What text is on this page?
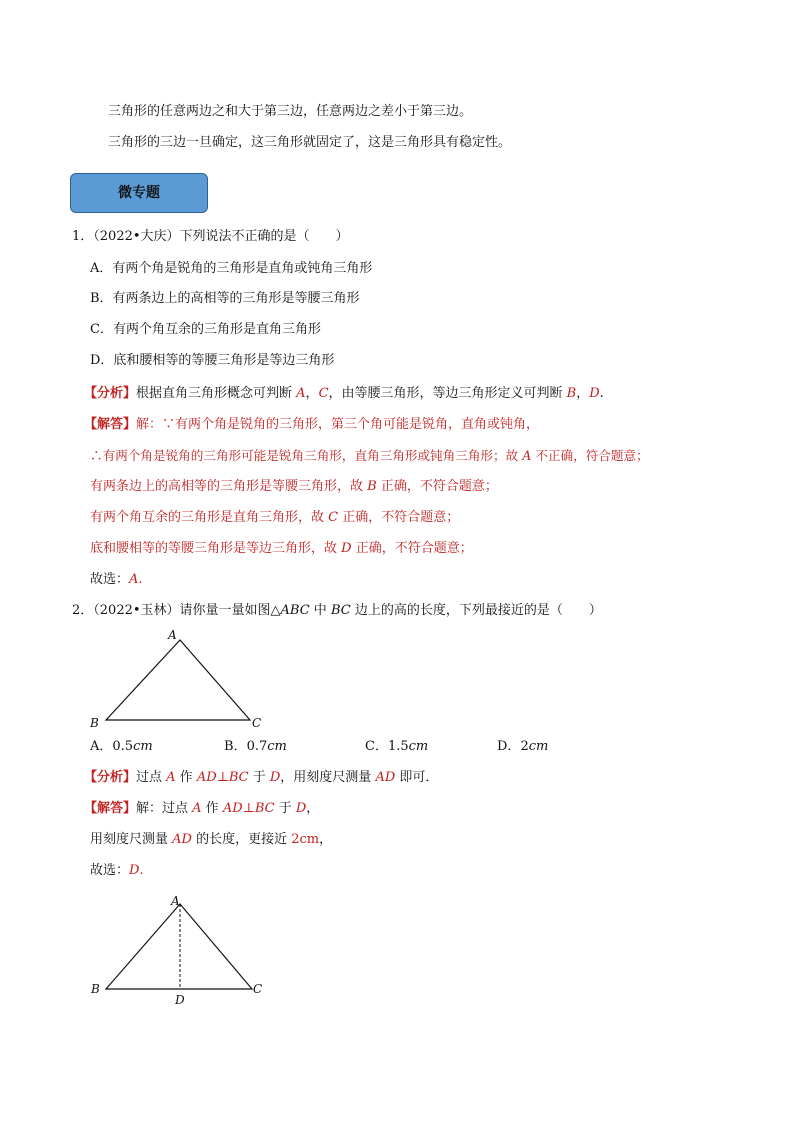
三角形的任意两边之和大于第三边，任意两边之差小于第三边。
三角形的三边一旦确定，这三角形就固定了，这是三角形具有稳定性。
微专题
1．（2022•大庆）下列说法不正确的是（　　）
A．有两个角是锐角的三角形是直角或钝角三角形
B．有两条边上的高相等的三角形是等腰三角形
C．有两个角互余的三角形是直角三角形
D．底和腰相等的等腰三角形是等边三角形
【分析】根据直角三角形概念可判断 A，C，由等腰三角形，等边三角形定义可判断 B，D.
【解答】解：∵有两个角是锐角的三角形，第三个角可能是锐角，直角或钝角，
∴有两个角是锐角的三角形可能是锐角三角形，直角三角形或钝角三角形；故 A 不正确，符合题意；
有两条边上的高相等的三角形是等腰三角形，故 B 正确，不符合题意；
有两个角互余的三角形是直角三角形，故 C 正确，不符合题意；
底和腰相等的等腰三角形是等边三角形，故 D 正确，不符合题意；
故选：A.
2．（2022•玉林）请你量一量如图△ABC 中 BC 边上的高的长度，下列最接近的是（　　）
A
B	C
A．0.5cm	B．0.7cm	C．1.5cm	D．2cm
【分析】过点 A 作 AD⊥BC 于 D，用刻度尺测量 AD 即可．
【解答】解：过点 A 作 AD⊥BC 于 D，
用刻度尺测量 AD 的长度，更接近 2cm，
故选：D.
A
B	C
D
